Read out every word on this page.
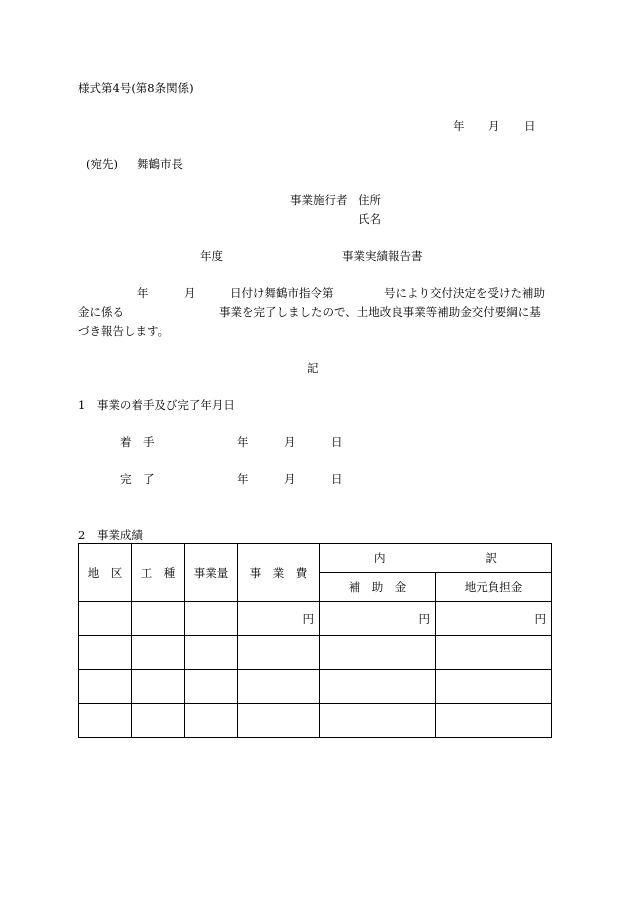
様式第4号(第8条関係)
年 月 日
(宛先) 舞鶴市長
事業施行者 住所
氏名
年度	事業実績報告書
年	月	日付け舞鶴市指令第	号により交付決定を受けた補助
金に係る	事業を完了しましたので、土地改良事業等補助金交付要綱に基
づき報告します。
記
1　事業の着手及び完了年月日
着　手	年	月	日
完　了	年	月	日
2　事業成績
地　区	工　種	事業量	事　業　費	内 訳	
				補　助　金	地元負担金
			円	円	円
